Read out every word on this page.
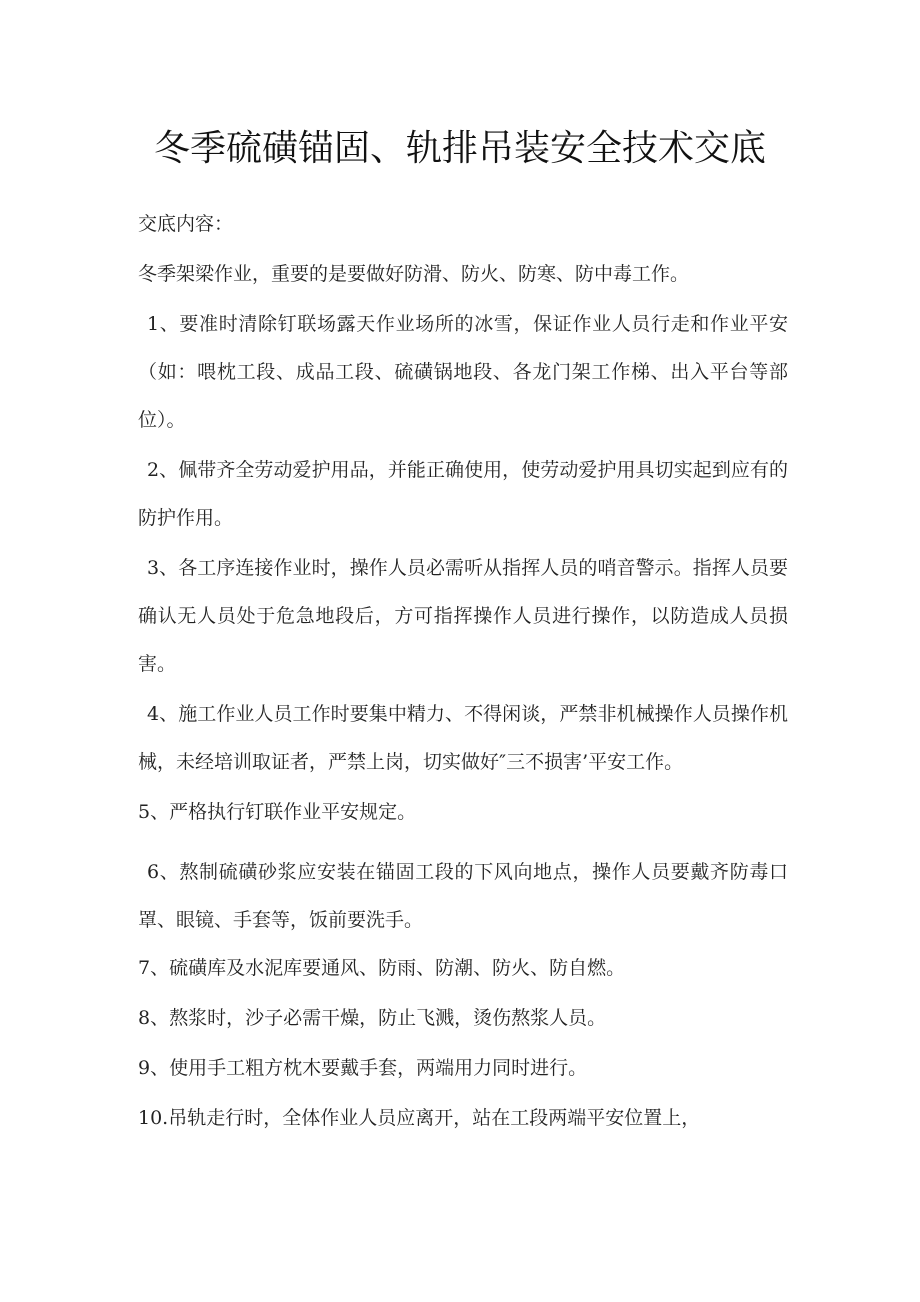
冬季硫磺锚固、轨排吊装安全技术交底

交底内容：

冬季架梁作业，重要的是要做好防滑、防火、防寒、防中毒工作。

1、要准时清除钉联场露天作业场所的冰雪，保证作业人员行走和作业平安（如：喂枕工段、成品工段、硫磺锅地段、各龙门架工作梯、出入平台等部位）。

2、佩带齐全劳动爱护用品，并能正确使用，使劳动爱护用具切实起到应有的防护作用。

3、各工序连接作业时，操作人员必需听从指挥人员的哨音警示。指挥人员要确认无人员处于危急地段后，方可指挥操作人员进行操作，以防造成人员损害。

4、施工作业人员工作时要集中精力、不得闲谈，严禁非机械操作人员操作机械，未经培训取证者，严禁上岗，切实做好″三不损害’平安工作。

5、严格执行钉联作业平安规定。

6、熬制硫磺砂浆应安装在锚固工段的下风向地点，操作人员要戴齐防毒口罩、眼镜、手套等，饭前要洗手。

7、硫磺库及水泥库要通风、防雨、防潮、防火、防自燃。

8、熬浆时，沙子必需干燥，防止飞溅，烫伤熬浆人员。

9、使用手工粗方枕木要戴手套，两端用力同时进行。

10.吊轨走行时，全体作业人员应离开，站在工段两端平安位置上，
